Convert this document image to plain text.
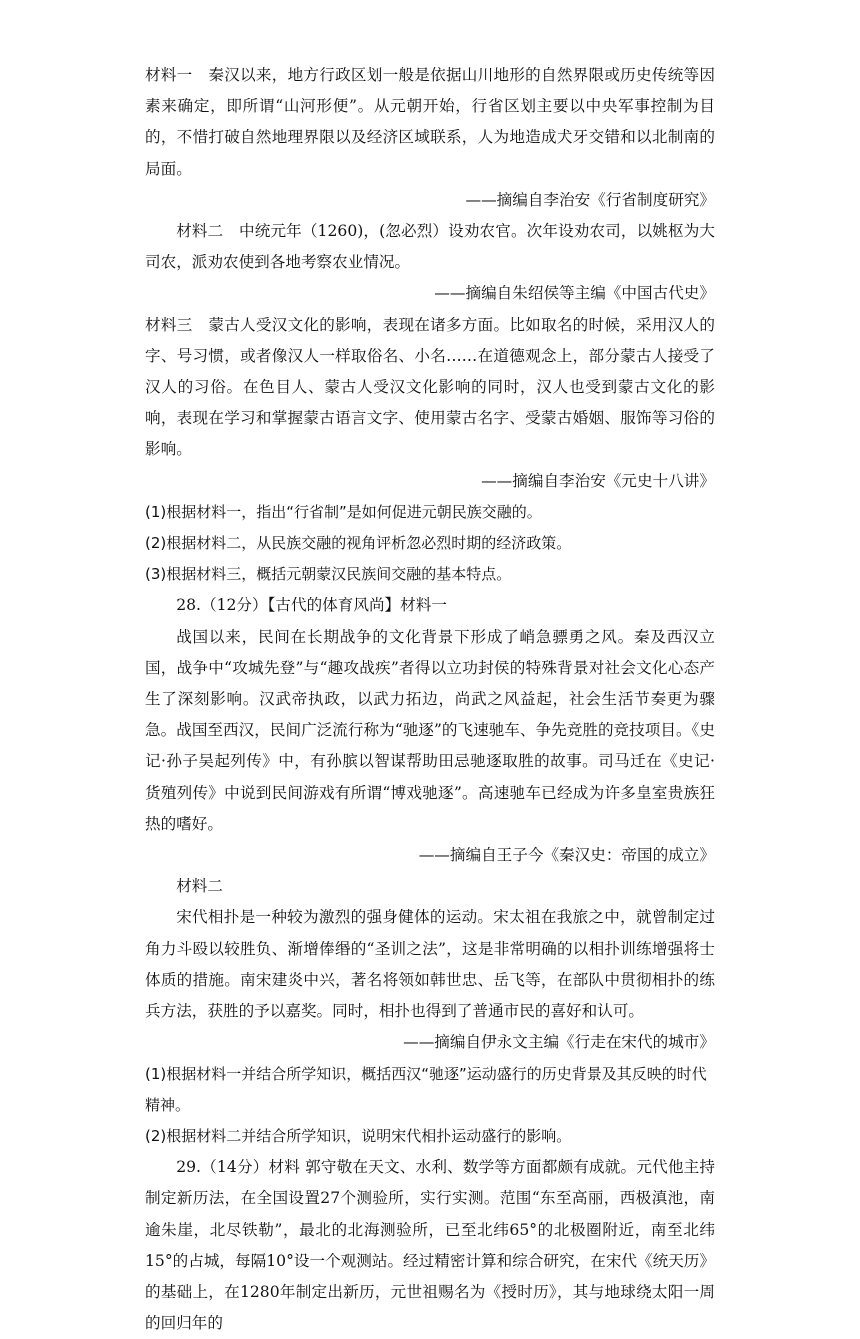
材料一　 秦汉以来，地方行政区划一般是依据山川地形的自然界限或历史传统等因素来确定，即所谓“山河形便”。从元朝开始，行省区划主要以中央军事控制为目的，不惜打破自然地理界限以及经济区域联系，人为地造成犬牙交错和以北制南的局面。

——摘编自李治安《行省制度研究》

材料二　 中统元年（1260)，(忽必烈）设劝农官。次年设劝农司，以姚枢为大司农，派劝农使到各地考察农业情况。

——摘编自朱绍侯等主编《中国古代史》

材料三　 蒙古人受汉文化的影响，表现在诸多方面。比如取名的时候，采用汉人的字、号习惯，或者像汉人一样取俗名、小名……在道德观念上，部分蒙古人接受了汉人的习俗。在色目人、蒙古人受汉文化影响的同时，汉人也受到蒙古文化的影响，表现在学习和掌握蒙古语言文字、使用蒙古名字、受蒙古婚姻、服饰等习俗的影响。

——摘编自李治安《元史十八讲》

(1)根据材料一，指出“行省制”是如何促进元朝民族交融的。

(2)根据材料二，从民族交融的视角评析忽必烈时期的经济政策。

(3)根据材料三，概括元朝蒙汉民族间交融的基本特点。

28.（12分）【古代的体育风尚】材料一

战国以来，民间在长期战争的文化背景下形成了峭急骠勇之风。秦及西汉立国，战争中“攻城先登”与“趣攻战疾”者得以立功封侯的特殊背景对社会文化心态产生了深刻影响。汉武帝执政，以武力拓边，尚武之风益起，社会生活节奏更为骤急。战国至西汉，民间广泛流行称为“驰逐”的飞速驰车、争先竞胜的竞技项目。《史记·孙子吴起列传》中，有孙膑以智谋帮助田忌驰逐取胜的故事。司马迁在《史记·货殖列传》中说到民间游戏有所谓“博戏驰逐”。高速驰车已经成为许多皇室贵族狂热的嗜好。

——摘编自王子今《秦汉史：帝国的成立》

材料二

宋代相扑是一种较为激烈的强身健体的运动。宋太祖在我旅之中，就曾制定过角力斗殴以较胜负、渐增俸缗的“圣训之法”，这是非常明确的以相扑训练增强将士体质的措施。南宋建炎中兴，著名将领如韩世忠、岳飞等，在部队中贯彻相扑的练兵方法，获胜的予以嘉奖。同时，相扑也得到了普通市民的喜好和认可。

——摘编自伊永文主编《行走在宋代的城市》

(1)根据材料一并结合所学知识，概括西汉“驰逐”运动盛行的历史背景及其反映的时代精神。

(2)根据材料二并结合所学知识，说明宋代相扑运动盛行的影响。

29.（14分）材料 郭守敬在天文、水利、数学等方面都颇有成就。元代他主持制定新历法，在全国设置27个测验所，实行实测。范围“东至高丽，西极滇池，南逾朱崖，北尽铁勒”，最北的北海测验所，已至北纬65°的北极圈附近，南至北纬15°的占城，每隔10°设一个观测站。经过精密计算和综合研究，在宋代《统天历》的基础上，在1280年制定出新历，元世祖赐名为《授时历》，其与地球绕太阳一周的回归年的
